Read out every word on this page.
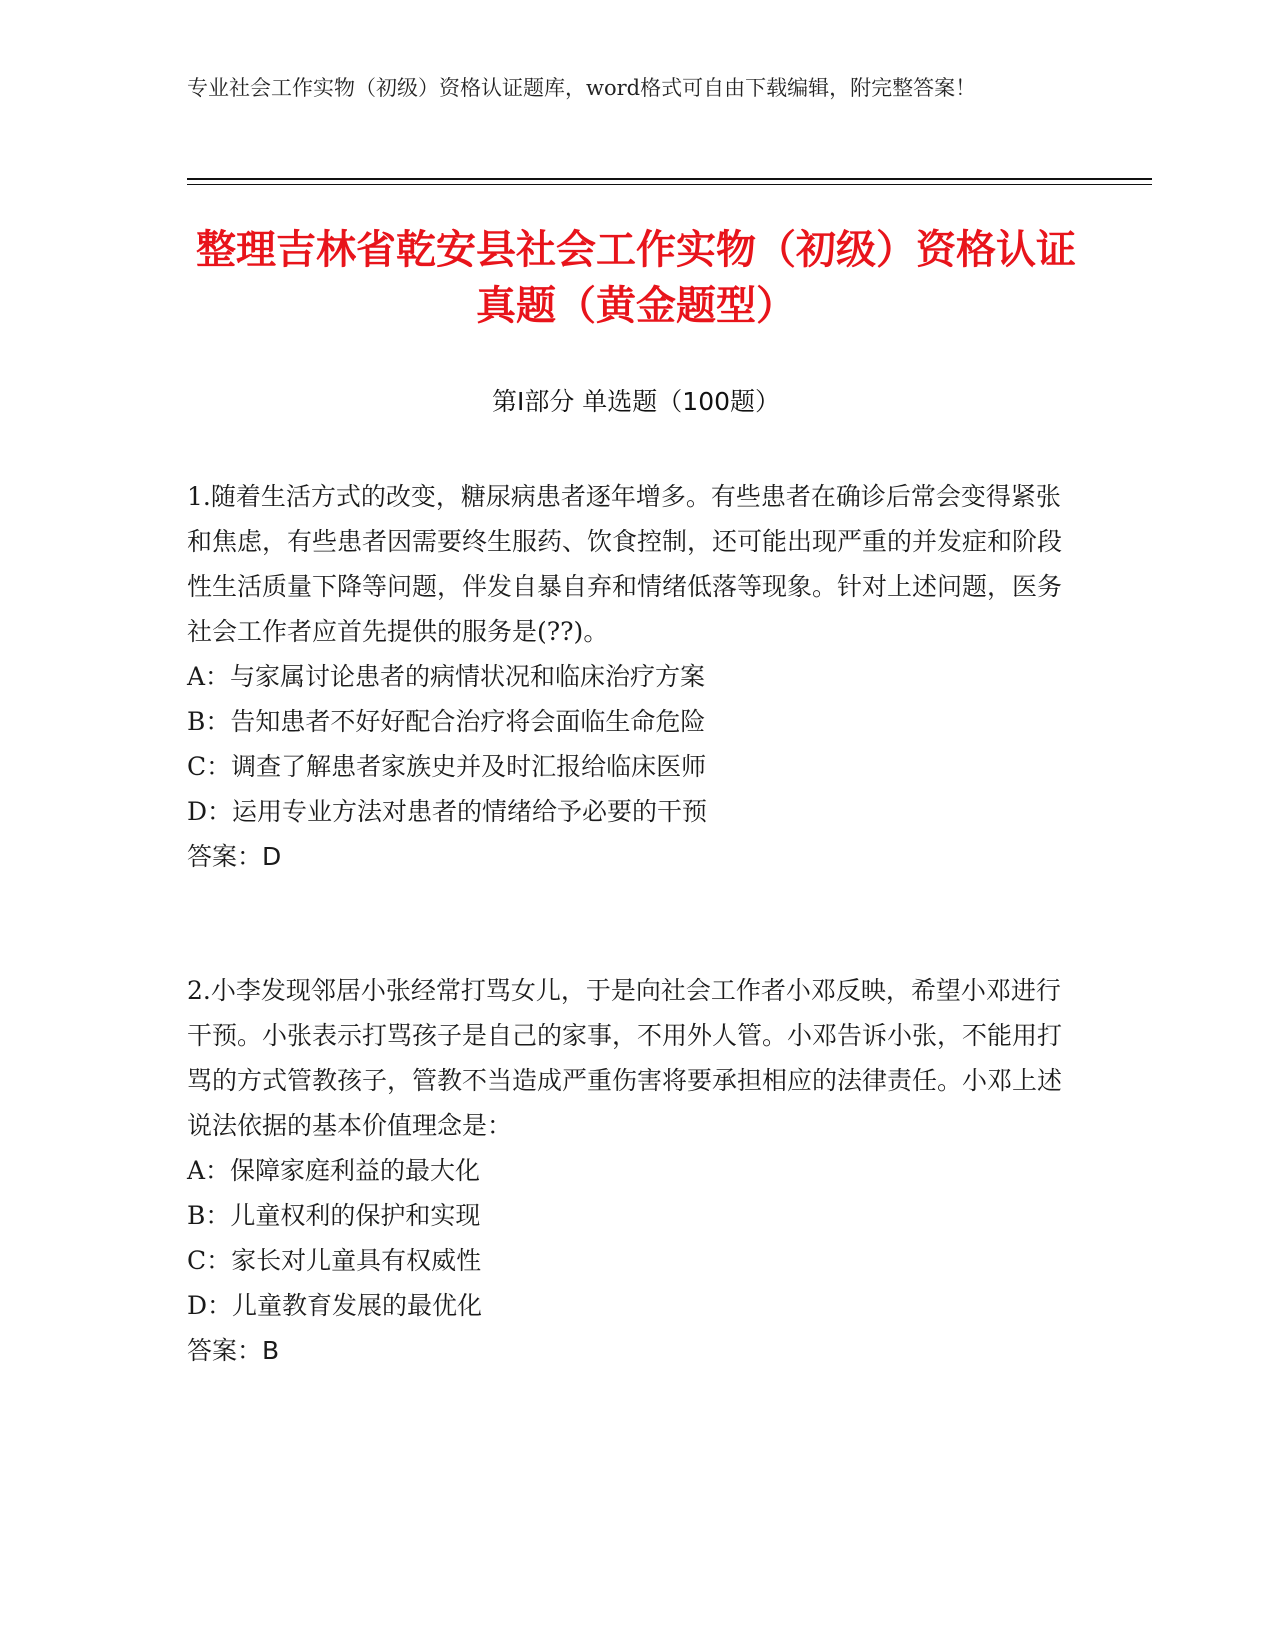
专业社会工作实物（初级）资格认证题库，word格式可自由下载编辑，附完整答案！
整理吉林省乾安县社会工作实物（初级）资格认证真题（黄金题型）
第I部分 单选题（100题）

1.随着生活方式的改变，糖尿病患者逐年增多。有些患者在确诊后常会变得紧张和焦虑，有些患者因需要终生服药、饮食控制，还可能出现严重的并发症和阶段性生活质量下降等问题，伴发自暴自弃和情绪低落等现象。针对上述问题，医务社会工作者应首先提供的服务是(??)。

A：与家属讨论患者的病情状况和临床治疗方案

B：告知患者不好好配合治疗将会面临生命危险

C：调查了解患者家族史并及时汇报给临床医师

D：运用专业方法对患者的情绪给予必要的干预

答案：D

2.小李发现邻居小张经常打骂女儿，于是向社会工作者小邓反映，希望小邓进行干预。小张表示打骂孩子是自己的家事，不用外人管。小邓告诉小张，不能用打骂的方式管教孩子，管教不当造成严重伤害将要承担相应的法律责任。小邓上述说法依据的基本价值理念是：

A：保障家庭利益的最大化

B：儿童权利的保护和实现

C：家长对儿童具有权威性

D：儿童教育发展的最优化

答案：B
